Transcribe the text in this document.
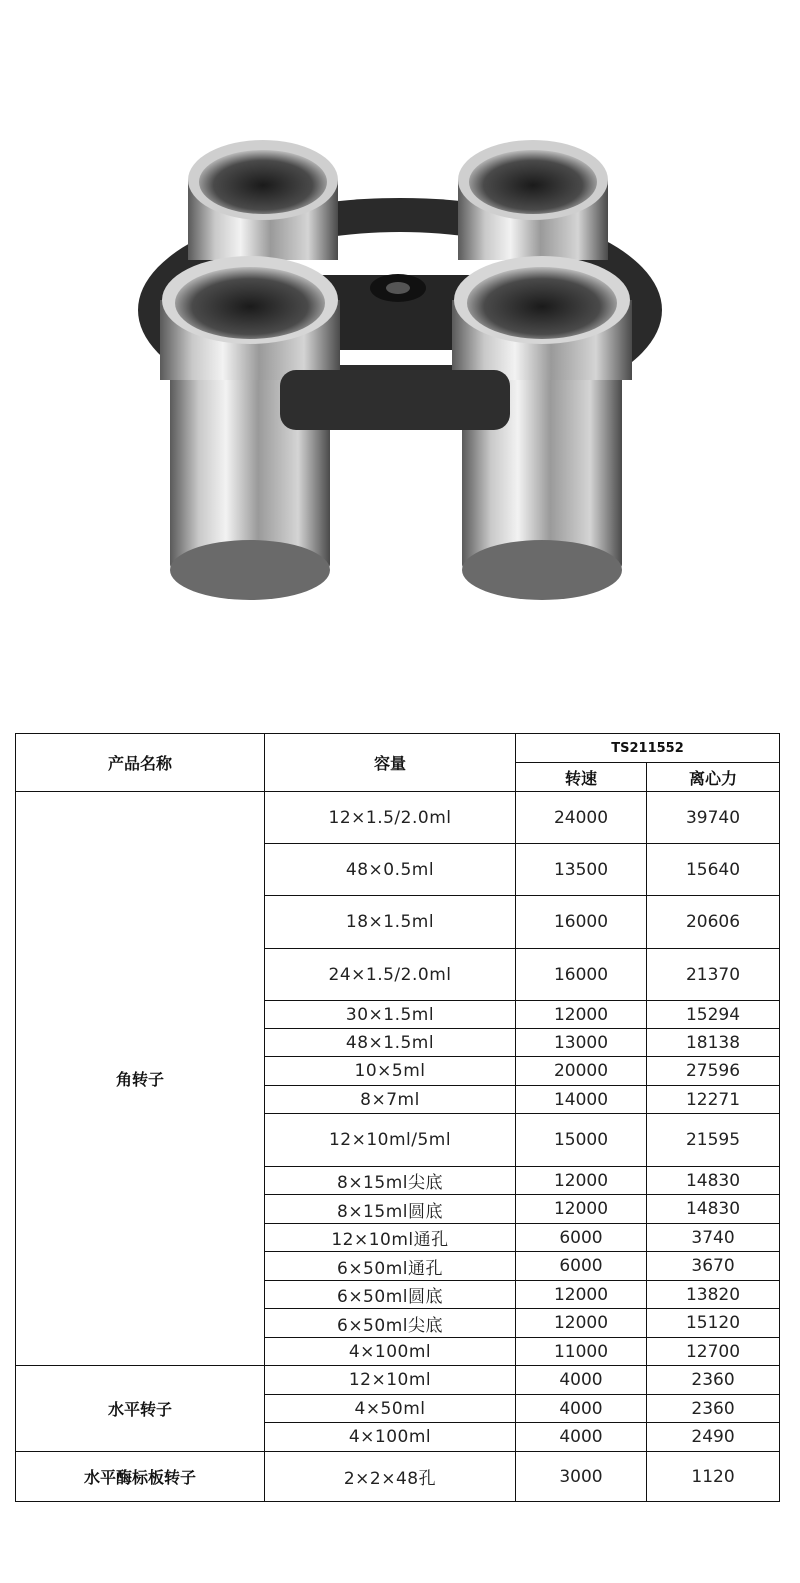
产品名称	容量	TS211552	
		转速	离心力
角转子	12×1.5/2.0ml	24000	39740
	48×0.5ml	13500	15640
	18×1.5ml	16000	20606
	24×1.5/2.0ml	16000	21370
	30×1.5ml	12000	15294
	48×1.5ml	13000	18138
	10×5ml	20000	27596
	8×7ml	14000	12271
	12×10ml/5ml	15000	21595
	8×15ml尖底	12000	14830
	8×15ml圆底	12000	14830
	12×10ml通孔	6000	3740
	6×50ml通孔	6000	3670
	6×50ml圆底	12000	13820
	6×50ml尖底	12000	15120
	4×100ml	11000	12700
水平转子	12×10ml	4000	2360
	4×50ml	4000	2360
	4×100ml	4000	2490
水平酶标板转子	2×2×48孔	3000	1120
